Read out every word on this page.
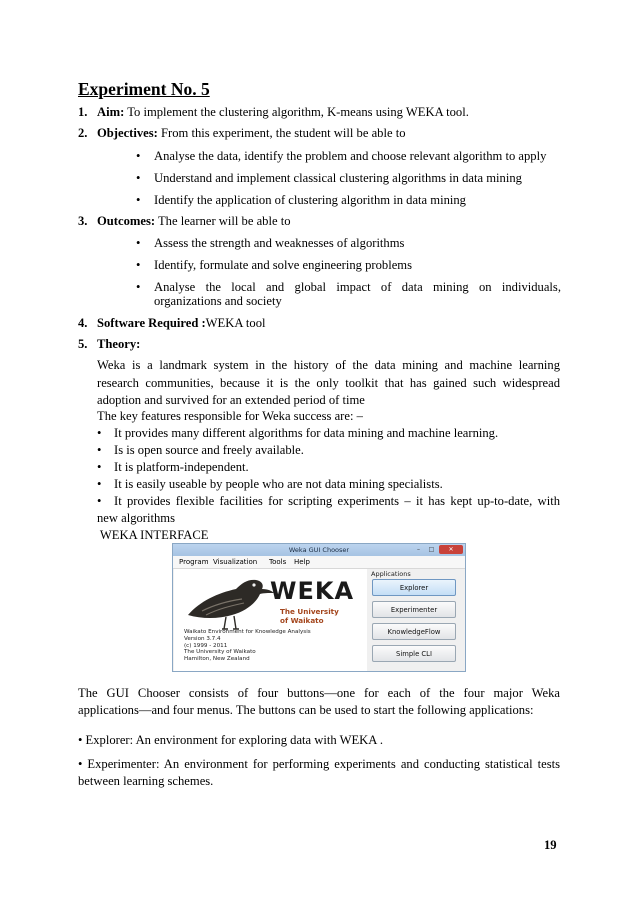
Experiment No. 5
1. Aim: To implement the clustering algorithm, K-means using WEKA tool.
2. Objectives: From this experiment, the student will be able to
Analyse the data, identify the problem and choose relevant algorithm to apply
Understand and implement classical clustering algorithms in data mining
Identify the application of clustering algorithm in data mining
3. Outcomes: The learner will be able to
Assess the strength and weaknesses of algorithms
Identify, formulate and solve engineering problems
Analyse the local and global impact of data mining on individuals,
organizations and society
4. Software Required :WEKA tool
5. Theory:
Weka is a landmark system in the history of the data mining and machine learning
research communities, because it is the only toolkit that has gained such widespread
adoption and survived for an extended period of time
The key features responsible for Weka success are: –
• It provides many different algorithms for data mining and machine learning.
• Is is open source and freely available.
• It is platform-independent.
• It is easily useable by people who are not data mining specialists.
• It provides flexible facilities for scripting experiments – it has kept up-to-date, with
new algorithms
WEKA INTERFACE
Weka GUI Chooser	–	□	✕
Program Visualization Tools Help
WEKA
The University
of Waikato
Waikato Environment for Knowledge Analysis
Version 3.7.4
(c) 1999 - 2011
The University of Waikato
Hamilton, New Zealand
Applications
Explorer
Experimenter
KnowledgeFlow
Simple CLI
The GUI Chooser consists of four buttons—one for each of the four major Weka
applications—and four menus. The buttons can be used to start the following applications:
• Explorer: An environment for exploring data with WEKA .
• Experimenter: An environment for performing experiments and conducting statistical tests
between learning schemes.
19
